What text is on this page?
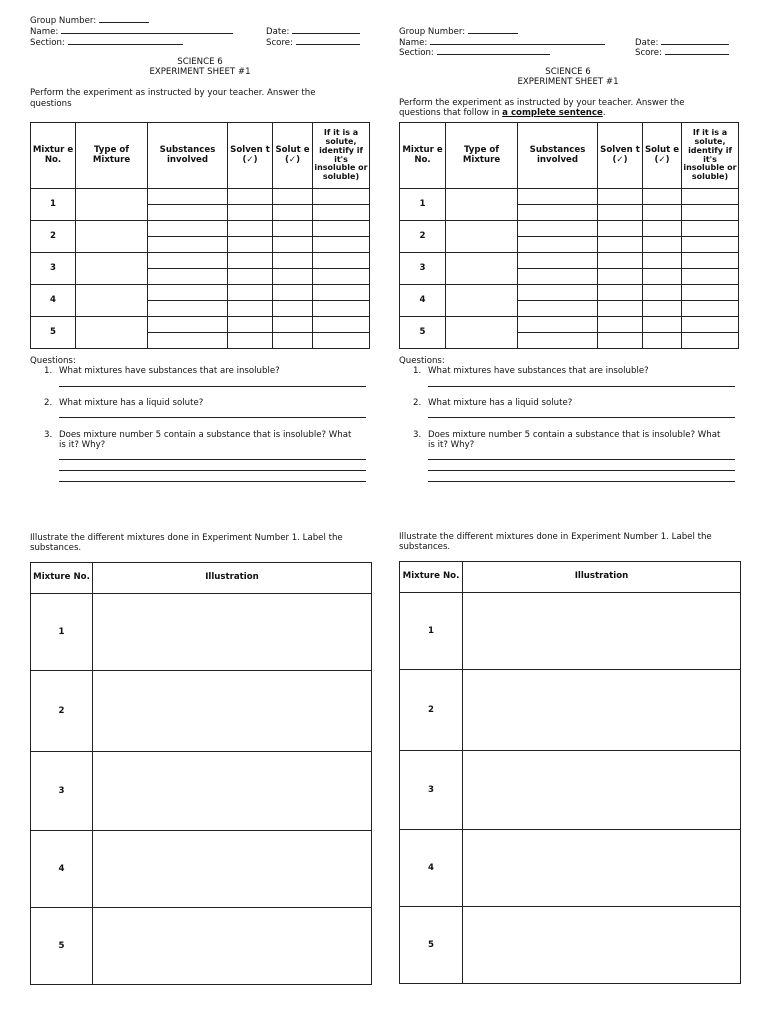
Group Number:
Name:
Section:
Date:
Score:
SCIENCE 6
EXPERIMENT SHEET #1
Perform the experiment as instructed by your teacher. Answer the
questions
Mixtur e No.	Type of Mixture	Substances involved	Solven t (✓)	Solut e (✓)	If it is a solute, identify if it's insoluble or soluble)
1					

2					

3					

4					

5					

Questions:
1. What mixtures have substances that are insoluble?
2. What mixture has a liquid solute?
3. Does mixture number 5 contain a substance that is insoluble? What
is it? Why?
Illustrate the different mixtures done in Experiment Number 1. Label the
substances.
Mixture No.	Illustration
1	
2	
3	
4	
5	
Group Number:
Name:
Section:
Date:
Score:
SCIENCE 6
EXPERIMENT SHEET #1
Perform the experiment as instructed by your teacher. Answer the
questions that follow in a complete sentence.
Mixtur e No.	Type of Mixture	Substances involved	Solven t (✓)	Solut e (✓)	If it is a solute, identify if it's insoluble or soluble)
1					

2					

3					

4					

5					

Questions:
1. What mixtures have substances that are insoluble?
2. What mixture has a liquid solute?
3. Does mixture number 5 contain a substance that is insoluble? What
is it? Why?
Illustrate the different mixtures done in Experiment Number 1. Label the
substances.
Mixture No.	Illustration
1	
2	
3	
4	
5	
